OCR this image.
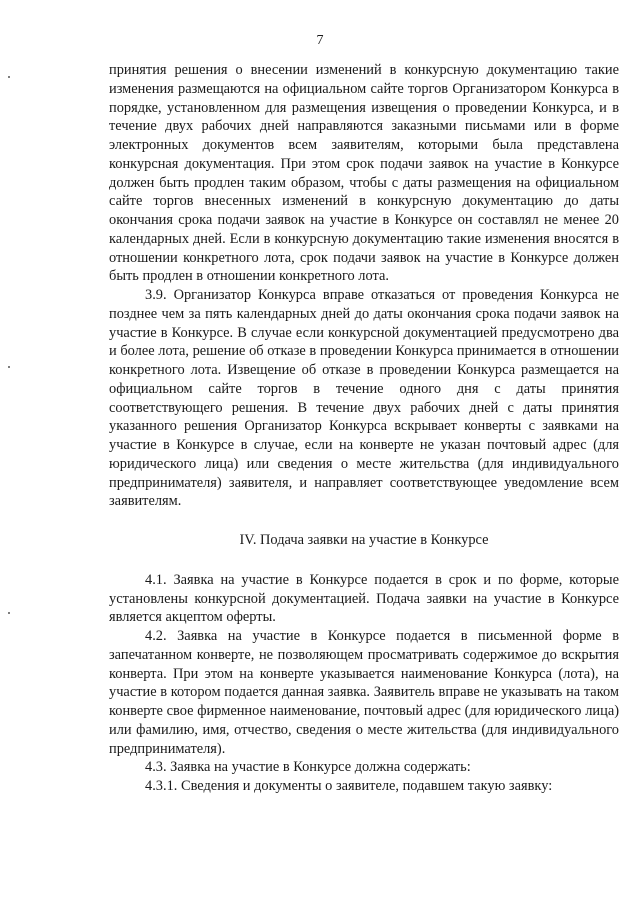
7

принятия решения о внесении изменений в конкурсную документацию такие изменения размещаются на официальном сайте торгов Организатором Конкурса в порядке, установленном для размещения извещения о проведении Конкурса, и в течение двух рабочих дней направляются заказными письмами или в форме электронных документов всем заявителям, которыми была представлена конкурсная документация. При этом срок подачи заявок на участие в Конкурсе должен быть продлен таким образом, чтобы с даты размещения на официальном сайте торгов внесенных изменений в конкурсную документацию до даты окончания срока подачи заявок на участие в Конкурсе он составлял не менее 20 календарных дней. Если в конкурсную документацию такие изменения вносятся в отношении конкретного лота, срок подачи заявок на участие в Конкурсе должен быть продлен в отношении конкретного лота.

3.9. Организатор Конкурса вправе отказаться от проведения Конкурса не позднее чем за пять календарных дней до даты окончания срока подачи заявок на участие в Конкурсе. В случае если конкурсной документацией предусмотрено два и более лота, решение об отказе в проведении Конкурса принимается в отношении конкретного лота. Извещение об отказе в проведении Конкурса размещается на официальном сайте торгов в течение одного дня с даты принятия соответствующего решения. В течение двух рабочих дней с даты принятия указанного решения Организатор Конкурса вскрывает конверты с заявками на участие в Конкурсе в случае, если на конверте не указан почтовый адрес (для юридического лица) или сведения о месте жительства (для индивидуального предпринимателя) заявителя, и направляет соответствующее уведомление всем заявителям.

IV. Подача заявки на участие в Конкурсе

4.1. Заявка на участие в Конкурсе подается в срок и по форме, которые установлены конкурсной документацией. Подача заявки на участие в Конкурсе является акцептом оферты.

4.2. Заявка на участие в Конкурсе подается в письменной форме в запечатанном конверте, не позволяющем просматривать содержимое до вскрытия конверта. При этом на конверте указывается наименование Конкурса (лота), на участие в котором подается данная заявка. Заявитель вправе не указывать на таком конверте свое фирменное наименование, почтовый адрес (для юридического лица) или фамилию, имя, отчество, сведения о месте жительства (для индивидуального предпринимателя).

4.3. Заявка на участие в Конкурсе должна содержать:

4.3.1. Сведения и документы о заявителе, подавшем такую заявку:
